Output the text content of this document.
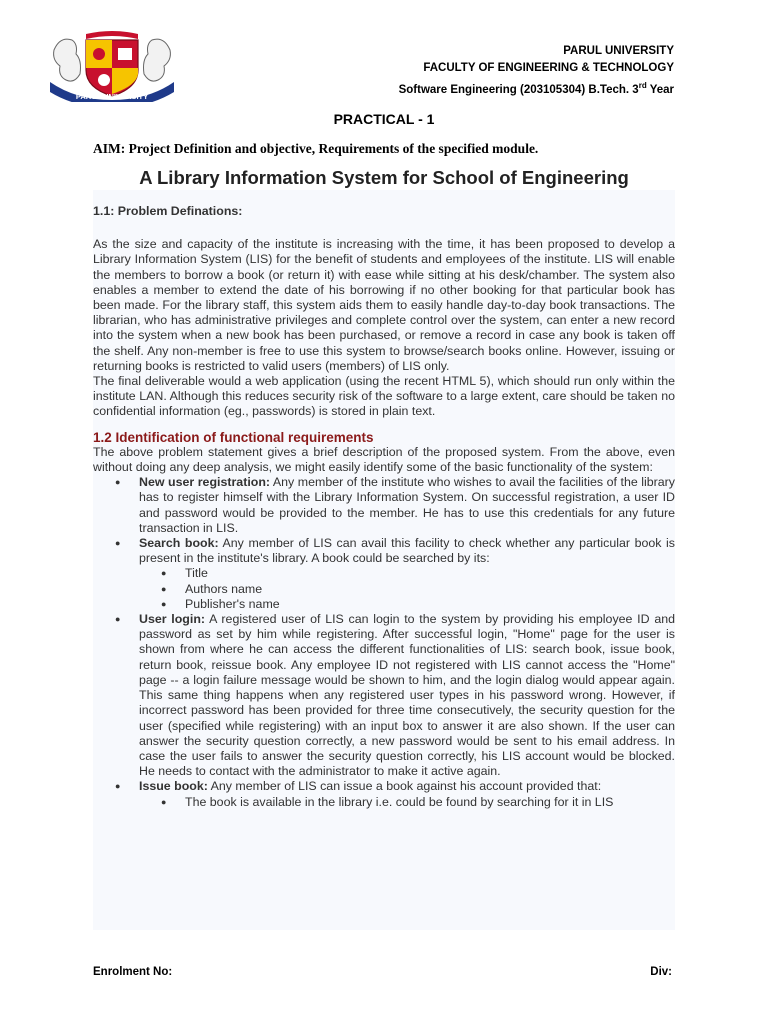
PARUL UNIVERSITY
PARUL UNIVERSITY
FACULTY OF ENGINEERING & TECHNOLOGY
Software Engineering (203105304) B.Tech. 3rd Year
PRACTICAL - 1
AIM: Project Definition and objective, Requirements of the specified module.
A Library Information System for School of Engineering

1.1: Problem Definations:

As the size and capacity of the institute is increasing with the time, it has been proposed to develop a Library Information System (LIS) for the benefit of students and employees of the institute. LIS will enable the members to borrow a book (or return it) with ease while sitting at his desk/chamber. The system also enables a member to extend the date of his borrowing if no other booking for that particular book has been made. For the library staff, this system aids them to easily handle day-to-day book transactions. The librarian, who has administrative privileges and complete control over the system, can enter a new record into the system when a new book has been purchased, or remove a record in case any book is taken off the shelf. Any non-member is free to use this system to browse/search books online. However, issuing or returning books is restricted to valid users (members) of LIS only.

The final deliverable would a web application (using the recent HTML 5), which should run only within the institute LAN. Although this reduces security risk of the software to a large extent, care should be taken no confidential information (eg., passwords) is stored in plain text.

1.2 Identification of functional requirements

The above problem statement gives a brief description of the proposed system. From the above, even without doing any deep analysis, we might easily identify some of the basic functionality of the system:

● New user registration: Any member of the institute who wishes to avail the facilities of the library has to register himself with the Library Information System. On successful registration, a user ID and password would be provided to the member. He has to use this credentials for any future transaction in LIS.
● Search book: Any member of LIS can avail this facility to check whether any particular book is present in the institute's library. A book could be searched by its:
● Title
● Authors name
● Publisher's name
● User login: A registered user of LIS can login to the system by providing his employee ID and password as set by him while registering. After successful login, "Home" page for the user is shown from where he can access the different functionalities of LIS: search book, issue book, return book, reissue book. Any employee ID not registered with LIS cannot access the "Home" page -- a login failure message would be shown to him, and the login dialog would appear again. This same thing happens when any registered user types in his password wrong. However, if incorrect password has been provided for three time consecutively, the security question for the user (specified while registering) with an input box to answer it are also shown. If the user can answer the security question correctly, a new password would be sent to his email address. In case the user fails to answer the security question correctly, his LIS account would be blocked. He needs to contact with the administrator to make it active again.
● Issue book: Any member of LIS can issue a book against his account provided that:
● The book is available in the library i.e. could be found by searching for it in LIS
Enrolment No:	Div:
